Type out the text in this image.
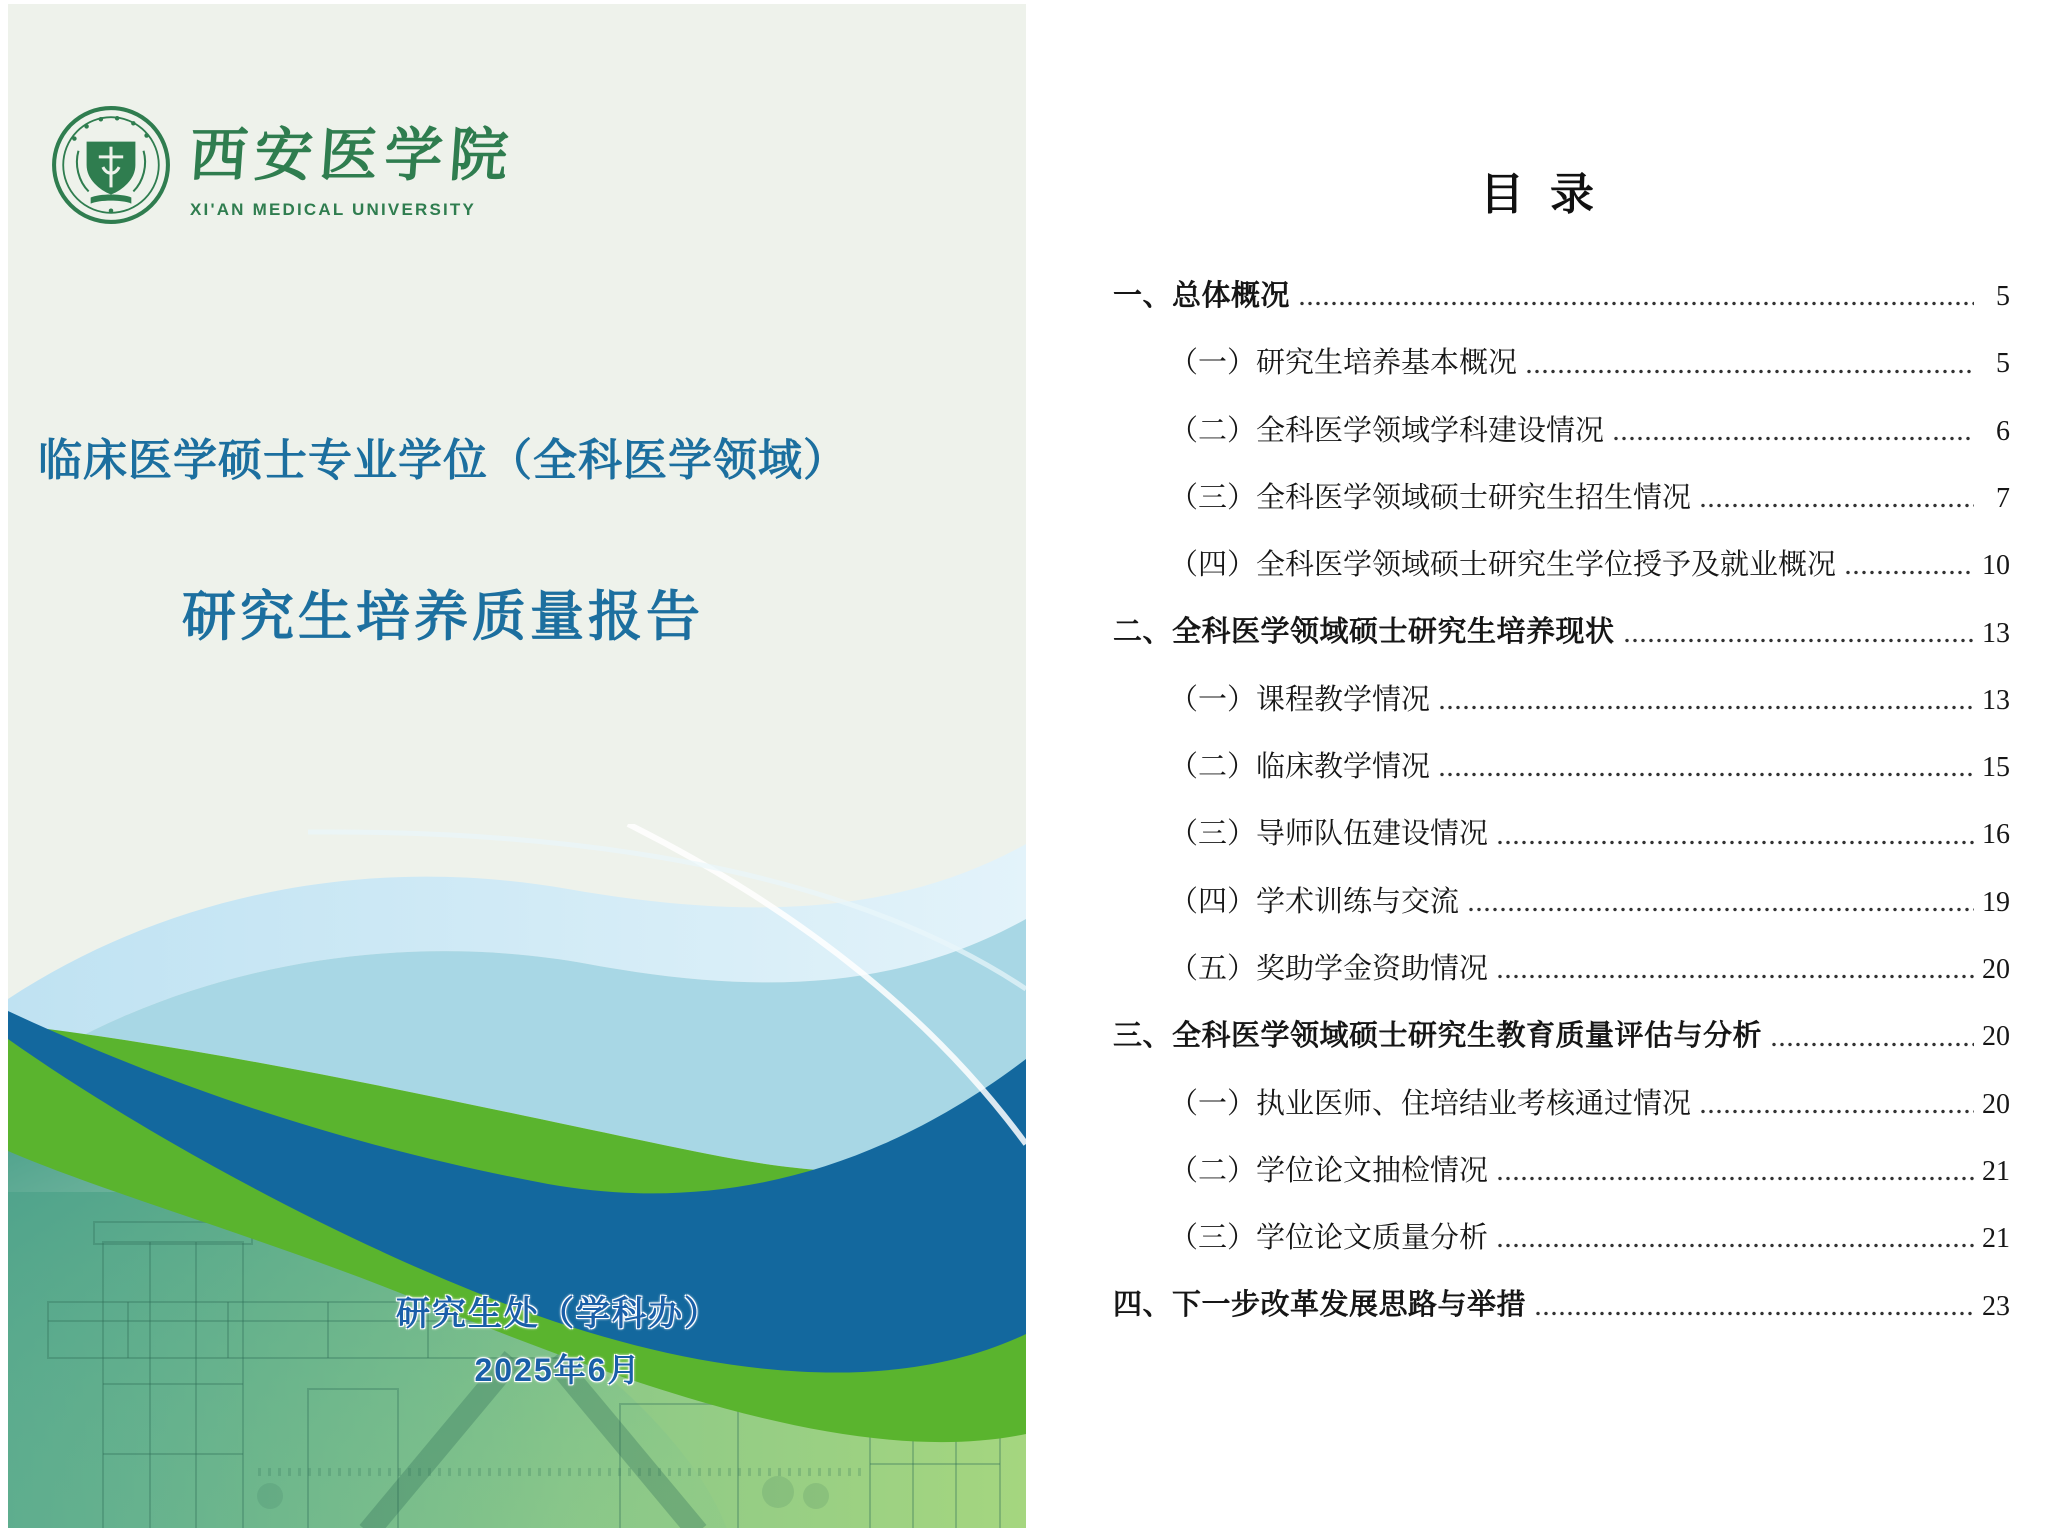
西安医学院
XI'AN MEDICAL UNIVERSITY
临床医学硕士专业学位（全科医学领域）
研究生培养质量报告
研究生处（学科办）
2025年6月
目录
一、总体概况	5
（一）研究生培养基本概况	5
（二）全科医学领域学科建设情况	6
（三）全科医学领域硕士研究生招生情况	7
（四）全科医学领域硕士研究生学位授予及就业概况	10
二、全科医学领域硕士研究生培养现状	13
（一）课程教学情况	13
（二）临床教学情况	15
（三）导师队伍建设情况	16
（四）学术训练与交流	19
（五）奖助学金资助情况	20
三、全科医学领域硕士研究生教育质量评估与分析	20
（一）执业医师、住培结业考核通过情况	20
（二）学位论文抽检情况	21
（三）学位论文质量分析	21
四、下一步改革发展思路与举措	23
